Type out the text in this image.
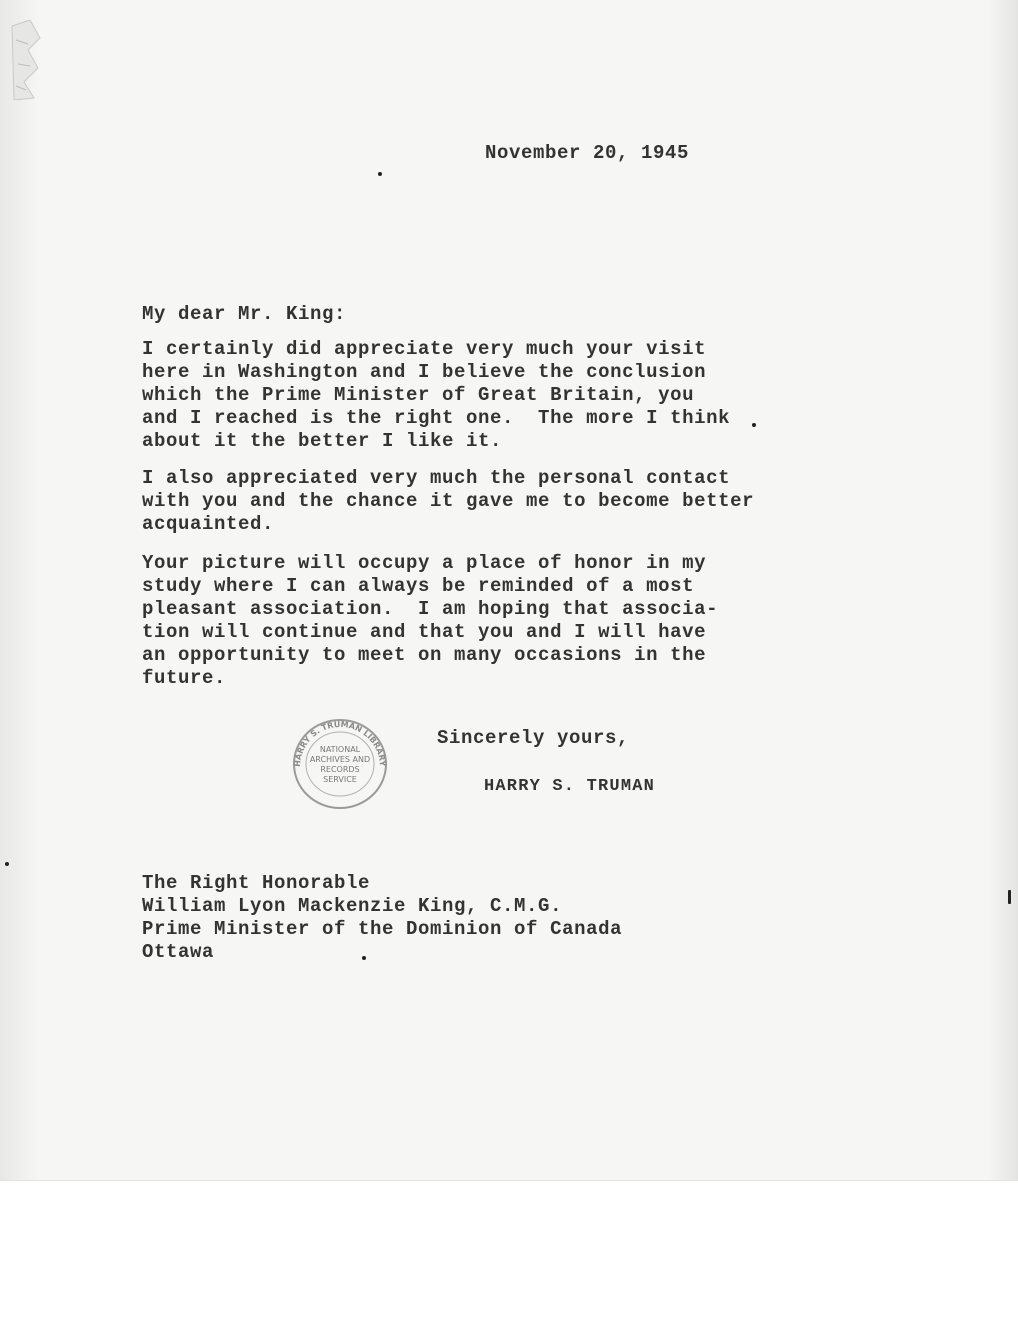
November 20, 1945
My dear Mr. King:
I certainly did appreciate very much your visit
here in Washington and I believe the conclusion
which the Prime Minister of Great Britain, you
and I reached is the right one.  The more I think
about it the better I like it.
I also appreciated very much the personal contact
with you and the chance it gave me to become better
acquainted.
Your picture will occupy a place of honor in my
study where I can always be reminded of a most
pleasant association.  I am hoping that associa-
tion will continue and that you and I will have
an opportunity to meet on many occasions in the
future.
Sincerely yours,
HARRY S. TRUMAN
HARRY S. TRUMAN LIBRARY
NATIONAL
ARCHIVES AND
RECORDS
SERVICE
The Right Honorable
William Lyon Mackenzie King, C.M.G.
Prime Minister of the Dominion of Canada
Ottawa
